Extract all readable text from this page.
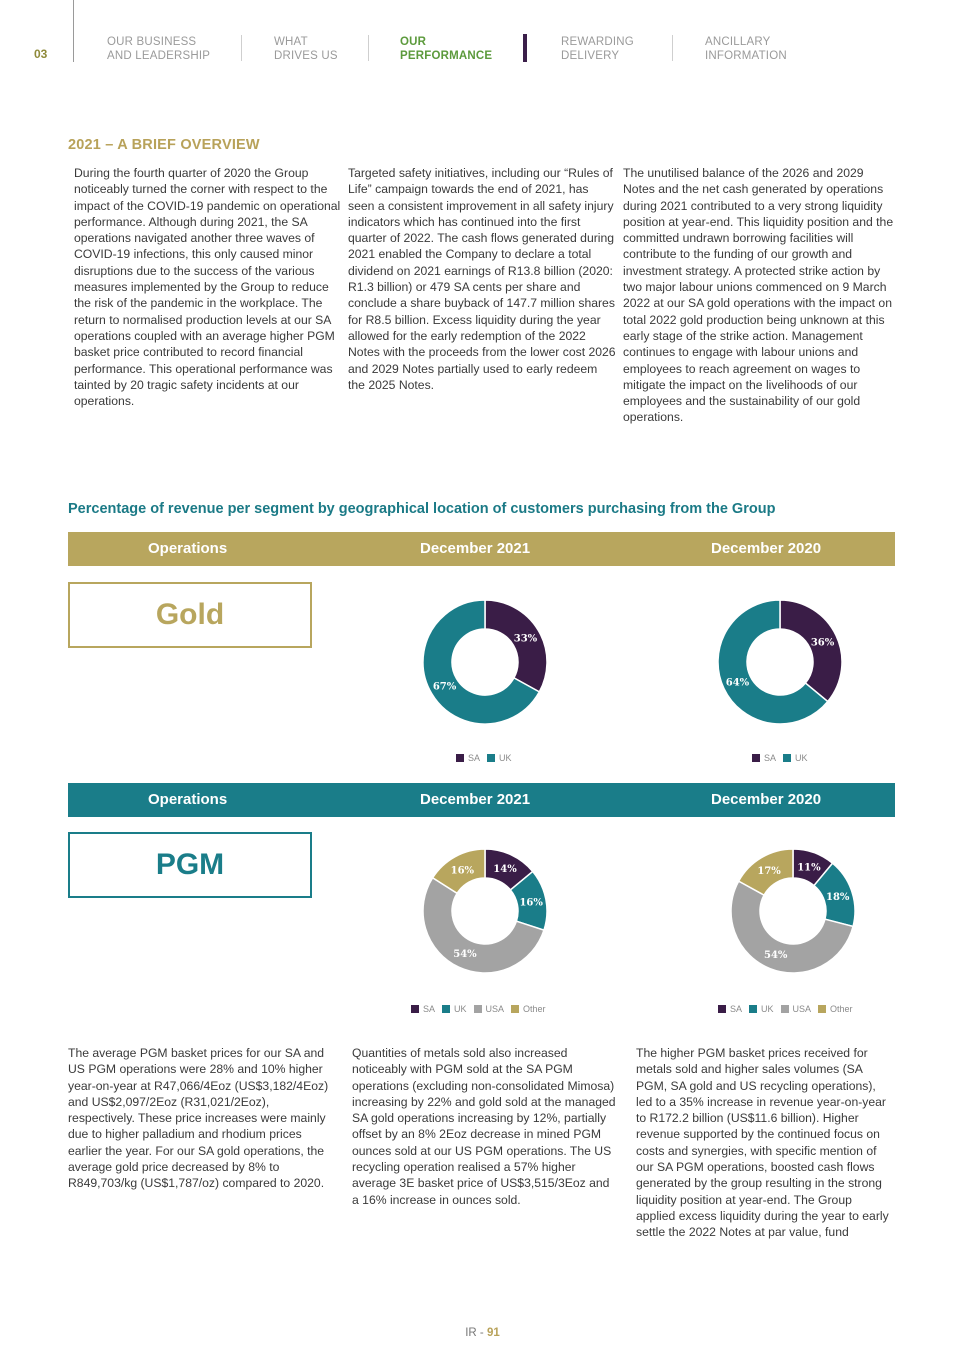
03
OUR BUSINESS
AND LEADERSHIP
WHAT
DRIVES US
OUR
PERFORMANCE
REWARDING
DELIVERY
ANCILLARY
INFORMATION
2021 – A BRIEF OVERVIEW

During the fourth quarter of 2020 the Group noticeably turned the corner with respect to the impact of the COVID-19 pandemic on operational performance. Although during 2021, the SA operations navigated another three waves of COVID-19 infections, this only caused minor disruptions due to the success of the various measures implemented by the Group to reduce the risk of the pandemic in the workplace. The return to normalised production levels at our SA operations coupled with an average higher PGM basket price contributed to record financial performance. This operational performance was tainted by 20 tragic safety incidents at our operations.

Targeted safety initiatives, including our “Rules of Life” campaign towards the end of 2021, has seen a consistent improvement in all safety injury indicators which has continued into the first quarter of 2022. The cash flows generated during 2021 enabled the Company to declare a total dividend on 2021 earnings of R13.8 billion (2020: R1.3 billion) or 479 SA cents per share and conclude a share buyback of 147.7 million shares for R8.5 billion. Excess liquidity during the year allowed for the early redemption of the 2022 Notes with the proceeds from the lower cost 2026 and 2029 Notes partially used to early redeem the 2025 Notes.

The unutilised balance of the 2026 and 2029 Notes and the net cash generated by operations during 2021 contributed to a very strong liquidity position at year-end. This liquidity position and the committed undrawn borrowing facilities will contribute to the funding of our growth and investment strategy. A protected strike action by two major labour unions commenced on 9 March 2022 at our SA gold operations with the impact on total 2022 gold production being unknown at this early stage of the strike action. Management continues to engage with labour unions and employees to reach agreement on wages to mitigate the impact on the livelihoods of our employees and the sustainability of our gold operations.

Percentage of revenue per segment by geographical location of customers purchasing from the Group
Operations	December 2021	December 2020
Gold
33%
67%
36%
64%
SA UK	SA UK
Operations	December 2021	December 2020
PGM	14%
16%
54%
16%	11%
18%
54%
17%
SA UK USA Other	SA UK USA Other

The average PGM basket prices for our SA and US PGM operations were 28% and 10% higher year-on-year at R47,066/4Eoz (US$3,182/4Eoz) and US$2,097/2Eoz (R31,021/2Eoz), respectively. These price increases were mainly due to higher palladium and rhodium prices earlier the year. For our SA gold operations, the average gold price decreased by 8% to R849,703/kg (US$1,787/oz) compared to 2020.

Quantities of metals sold also increased noticeably with PGM sold at the SA PGM operations (excluding non-consolidated Mimosa) increasing by 22% and gold sold at the managed SA gold operations increasing by 12%, partially offset by an 8% 2Eoz decrease in mined PGM ounces sold at our US PGM operations. The US recycling operation realised a 57% higher average 3E basket price of US$3,515/3Eoz and a 16% increase in ounces sold.

The higher PGM basket prices received for metals sold and higher sales volumes (SA PGM, SA gold and US recycling operations), led to a 35% increase in revenue year-on-year to R172.2 billion (US$11.6 billion). Higher revenue supported by the continued focus on costs and synergies, with specific mention of our SA PGM operations, boosted cash flows generated by the group resulting in the strong liquidity position at year-end. The Group applied excess liquidity during the year to early settle the 2022 Notes at par value, fund

IR - 91
